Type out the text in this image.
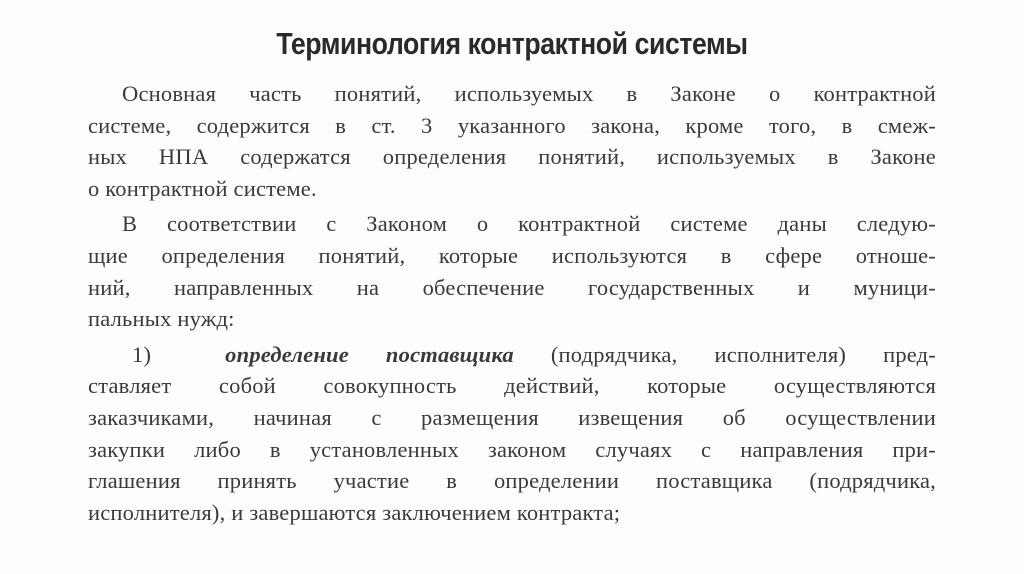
Терминология контрактной системы
Основная часть понятий, используемых в Законе о контрактной
системе, содержится в ст. 3 указанного закона, кроме того, в смеж-
ных НПА содержатся определения понятий, используемых в Законе
о контрактной системе.
В соответствии с Законом о контрактной системе даны следую-
щие определения понятий, которые используются в сфере отноше-
ний, направленных на обеспечение государственных и муници-
пальных нужд:
1)	определение поставщика (подрядчика, исполнителя) пред-
ставляет собой совокупность действий, которые осуществляются
заказчиками, начиная с размещения извещения об осуществлении
закупки либо в установленных законом случаях с направления при-
глашения принять участие в определении поставщика (подрядчика,
исполнителя), и завершаются заключением контракта;
